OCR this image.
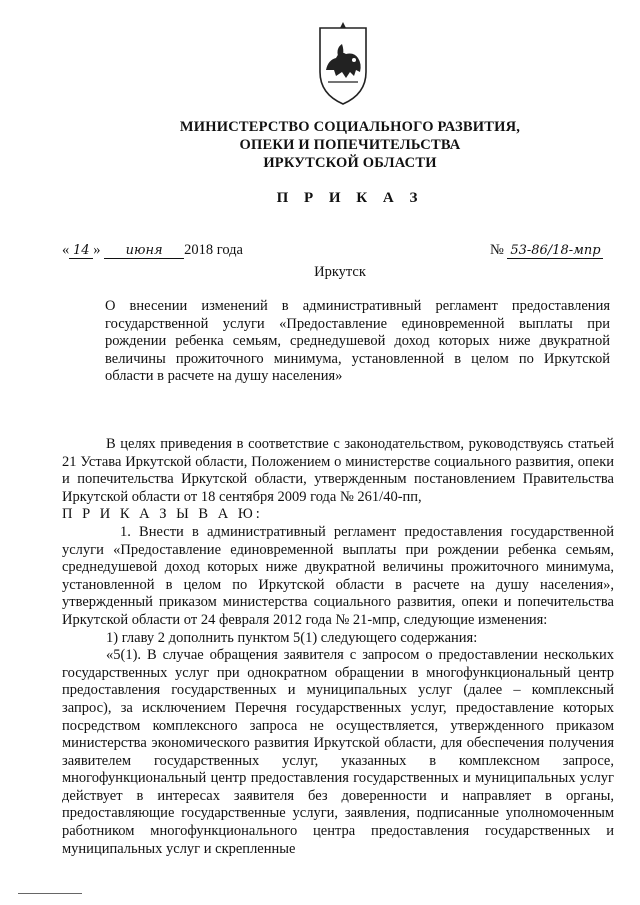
МИНИСТЕРСТВО СОЦИАЛЬНОГО РАЗВИТИЯ,
ОПЕКИ И ПОПЕЧИТЕЛЬСТВА
ИРКУТСКОЙ ОБЛАСТИ
П Р И К А З
« 14 » июня 2018 года	№ 53-86/18-мпр
Иркутск
О внесении изменений в административный регламент предоставления государственной услуги «Предоставление единовременной выплаты при рождении ребенка семьям, среднедушевой доход которых ниже двукратной величины прожиточного минимума, установленной в целом по Иркутской области в расчете на душу населения»

В целях приведения в соответствие с законодательством, руководствуясь статьей 21 Устава Иркутской области, Положением о министерстве социального развития, опеки и попечительства Иркутской области, утвержденным постановлением Правительства Иркутской области от 18 сентября 2009 года № 261/40-пп,

П Р И К А З Ы В А Ю:

1. Внести в административный регламент предоставления государственной услуги «Предоставление единовременной выплаты при рождении ребенка семьям, среднедушевой доход которых ниже двукратной величины прожиточного минимума, установленной в целом по Иркутской области в расчете на душу населения», утвержденный приказом министерства социального развития, опеки и попечительства Иркутской области от 24 февраля 2012 года № 21-мпр, следующие изменения:

1) главу 2 дополнить пунктом 5(1) следующего содержания:

«5(1). В случае обращения заявителя с запросом о предоставлении нескольких государственных услуг при однократном обращении в многофункциональный центр предоставления государственных и муниципальных услуг (далее – комплексный запрос), за исключением Перечня государственных услуг, предоставление которых посредством комплексного запроса не осуществляется, утвержденного приказом министерства экономического развития Иркутской области, для обеспечения получения заявителем государственных услуг, указанных в комплексном запросе, многофункциональный центр предоставления государственных и муниципальных услуг действует в интересах заявителя без доверенности и направляет в органы, предоставляющие государственные услуги, заявления, подписанные уполномоченным работником многофункционального центра предоставления государственных и муниципальных услуг и скрепленные
